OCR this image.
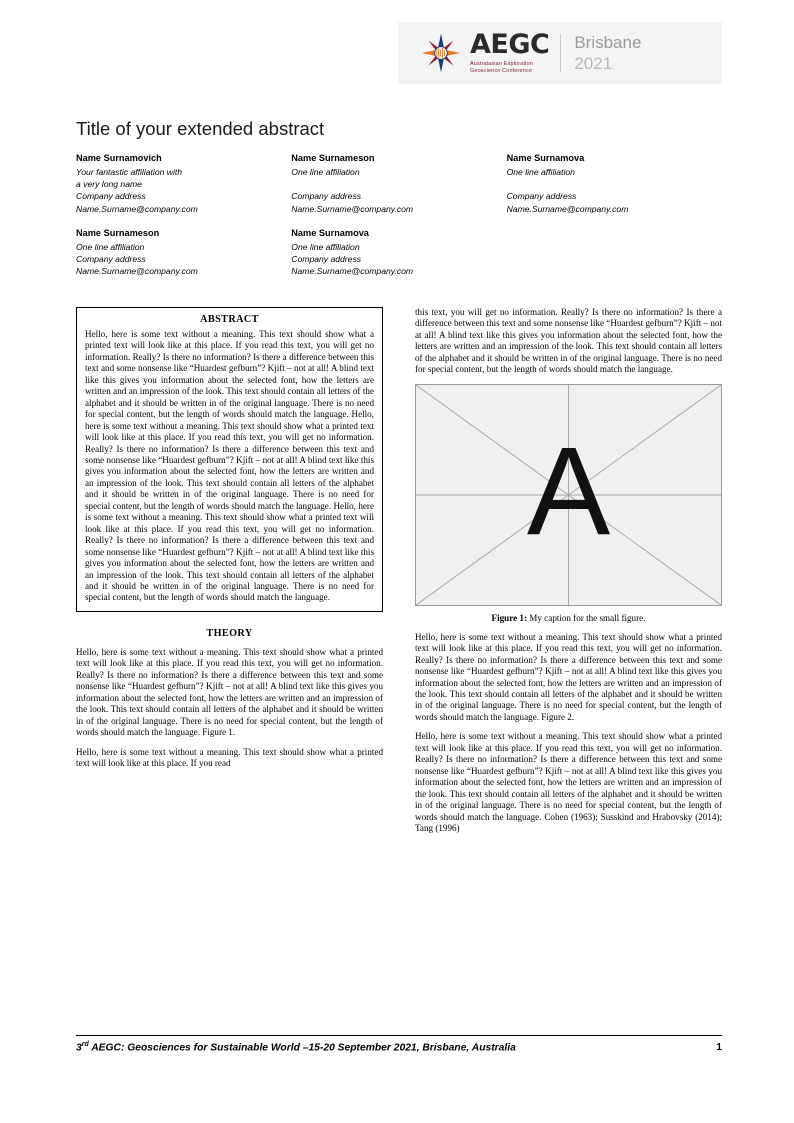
AEGC
Australasian Exploration
Geoscience Conference
Brisbane
2021
Title of your extended abstract
Name Surnamovich
Your fantastic affiliation with
a very long name
Company address
Name.Surname@company.com
Name Surnameson
One line affiliation

Company address
Name.Surname@company.com
Name Surnamova
One line affiliation

Company address
Name.Surname@company.com
Name Surnameson
One line affiliation
Company address
Name.Surname@company.com
Name Surnamova
One line affiliation
Company address
Name.Surname@company.com
ABSTRACT

Hello, here is some text without a meaning. This text should show what a printed text will look like at this place. If you read this text, you will get no information. Really? Is there no information? Is there a difference between this text and some nonsense like “Huardest gefburn”? Kjift – not at all! A blind text like this gives you information about the selected font, how the letters are written and an impression of the look. This text should contain all letters of the alphabet and it should be written in of the original language. There is no need for special content, but the length of words should match the language. Hello, here is some text without a meaning. This text should show what a printed text will look like at this place. If you read this text, you will get no information. Really? Is there no information? Is there a difference between this text and some nonsense like “Huardest gefburn”? Kjift – not at all! A blind text like this gives you information about the selected font, how the letters are written and an impression of the look. This text should contain all letters of the alphabet and it should be written in of the original language. There is no need for special content, but the length of words should match the language. Hello, here is some text without a meaning. This text should show what a printed text will look like at this place. If you read this text, you will get no information. Really? Is there no information? Is there a difference between this text and some nonsense like “Huardest gefburn”? Kjift – not at all! A blind text like this gives you information about the selected font, how the letters are written and an impression of the look. This text should contain all letters of the alphabet and it should be written in of the original language. There is no need for special content, but the length of words should match the language.

THEORY

Hello, here is some text without a meaning. This text should show what a printed text will look like at this place. If you read this text, you will get no information. Really? Is there no information? Is there a difference between this text and some nonsense like “Huardest gefburn”? Kjift – not at all! A blind text like this gives you information about the selected font, how the letters are written and an impression of the look. This text should contain all letters of the alphabet and it should be written in of the original language. There is no need for special content, but the length of words should match the language. Figure 1.

Hello, here is some text without a meaning. This text should show what a printed text will look like at this place. If you read

this text, you will get no information. Really? Is there no information? Is there a difference between this text and some nonsense like “Huardest gefburn”? Kjift – not at all! A blind text like this gives you information about the selected font, how the letters are written and an impression of the look. This text should contain all letters of the alphabet and it should be written in of the original language. There is no need for special content, but the length of words should match the language.

A
Figure 1: My caption for the small figure.

Hello, here is some text without a meaning. This text should show what a printed text will look like at this place. If you read this text, you will get no information. Really? Is there no information? Is there a difference between this text and some nonsense like “Huardest gefburn”? Kjift – not at all! A blind text like this gives you information about the selected font, how the letters are written and an impression of the look. This text should contain all letters of the alphabet and it should be written in of the original language. There is no need for special content, but the length of words should match the language. Figure 2.

Hello, here is some text without a meaning. This text should show what a printed text will look like at this place. If you read this text, you will get no information. Really? Is there no information? Is there a difference between this text and some nonsense like “Huardest gefburn”? Kjift – not at all! A blind text like this gives you information about the selected font, how the letters are written and an impression of the look. This text should contain all letters of the alphabet and it should be written in of the original language. There is no need for special content, but the length of words should match the language. Cohen (1963); Susskind and Hrabovsky (2014); Tang (1996)

3rd AEGC: Geosciences for Sustainable World –15-20 September 2021, Brisbane, Australia	1
